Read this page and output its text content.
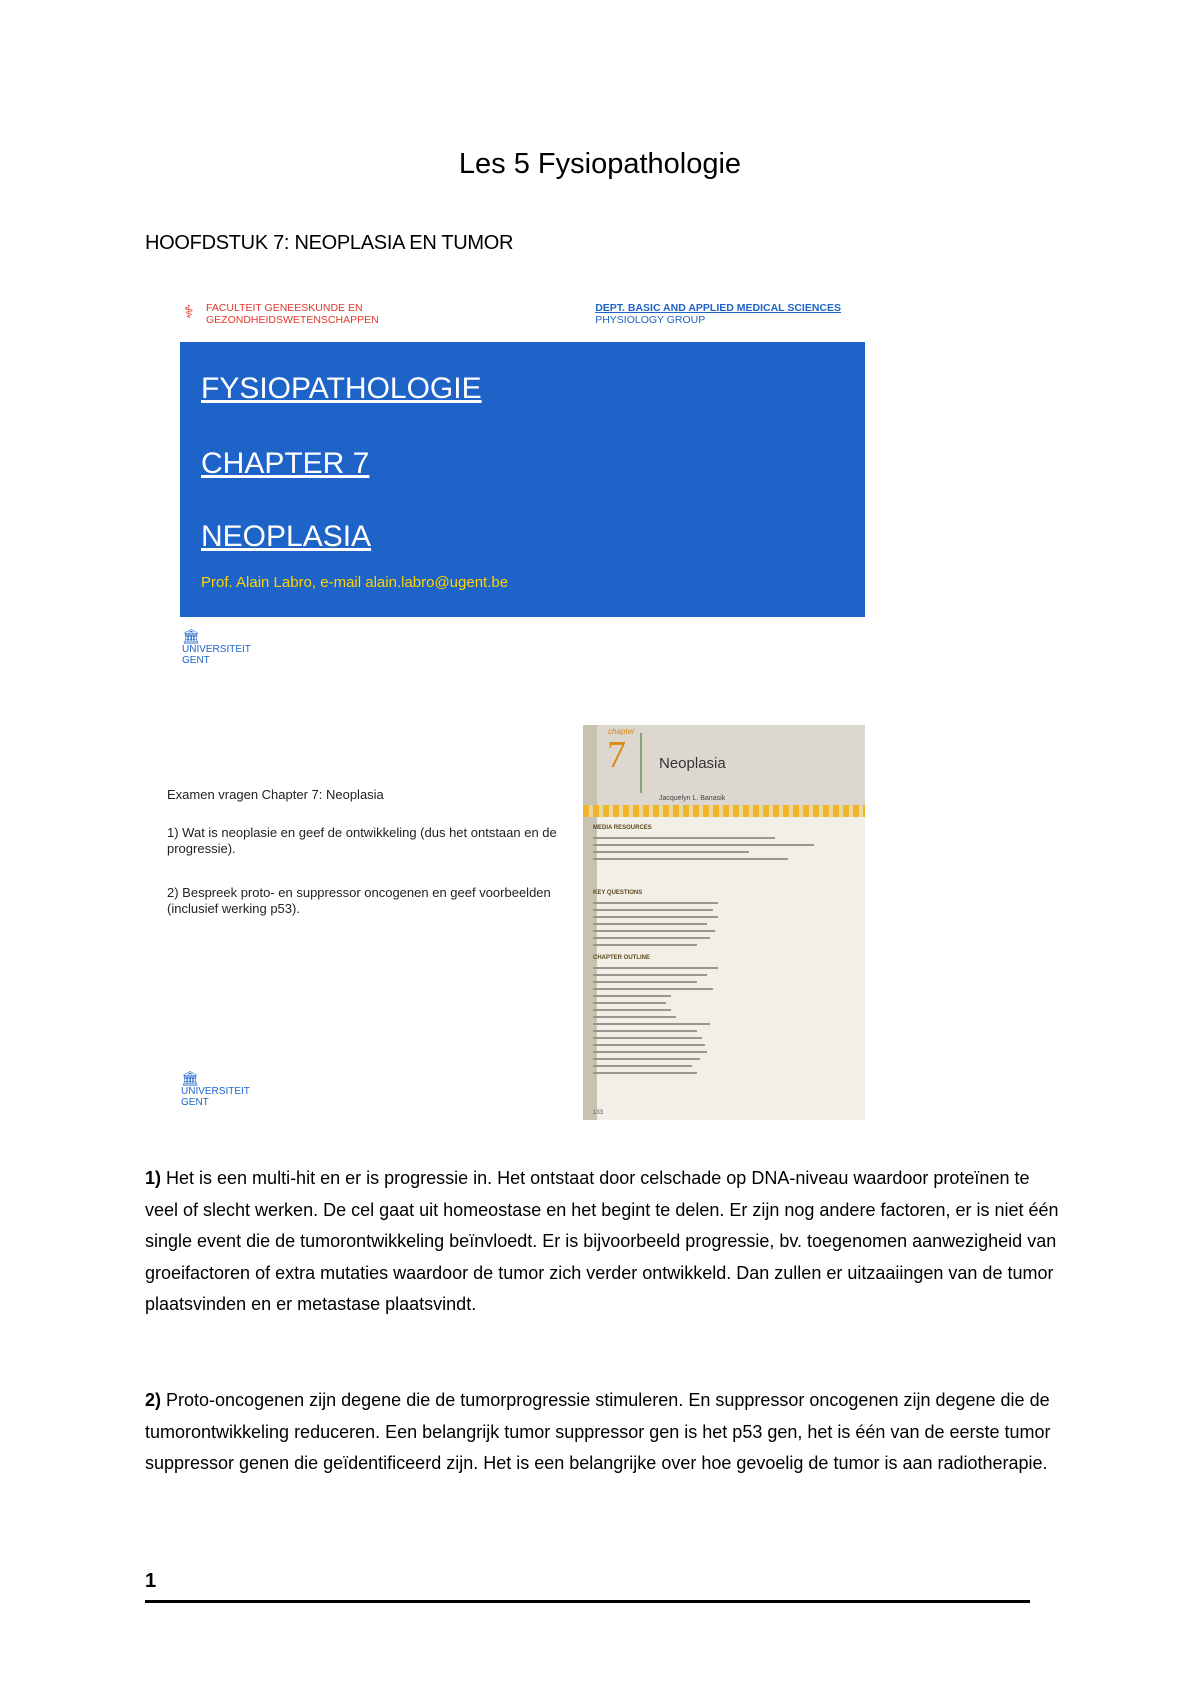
Les 5 Fysiopathologie
HOOFDSTUK 7: NEOPLASIA EN TUMOR
⚕	FACULTEIT GENEESKUNDE EN
GEZONDHEIDSWETENSCHAPPEN
DEPT. BASIC AND APPLIED MEDICAL SCIENCES
PHYSIOLOGY GROUP
FYSIOPATHOLOGIE
CHAPTER 7
NEOPLASIA
Prof. Alain Labro, e-mail alain.labro@ugent.be
🏛
UNIVERSITEIT
GENT
Examen vragen Chapter 7: Neoplasia
1) Wat is neoplasie en geef de ontwikkeling (dus het ontstaan en de progressie).
2) Bespreek proto- en suppressor oncogenen en geef voorbeelden (inclusief werking p53).
🏛
UNIVERSITEIT
GENT
chapter
7	Neoplasia
Jacquelyn L. Banasik
MEDIA RESOURCES
KEY QUESTIONS
CHAPTER OUTLINE
133
1) Het is een multi-hit en er is progressie in. Het ontstaat door celschade op DNA-niveau waardoor proteïnen te veel of slecht werken. De cel gaat uit homeostase en het begint te delen. Er zijn nog andere factoren, er is niet één single event die de tumorontwikkeling beïnvloedt. Er is bijvoorbeeld progressie, bv. toegenomen aanwezigheid van groeifactoren of extra mutaties waardoor de tumor zich verder ontwikkeld. Dan zullen er uitzaaiingen van de tumor plaatsvinden en er metastase plaatsvindt.
2) Proto-oncogenen zijn degene die de tumorprogressie stimuleren. En suppressor oncogenen zijn degene die de tumorontwikkeling reduceren. Een belangrijk tumor suppressor gen is het p53 gen, het is één van de eerste tumor suppressor genen die geïdentificeerd zijn. Het is een belangrijke over hoe gevoelig de tumor is aan radiotherapie.
1
